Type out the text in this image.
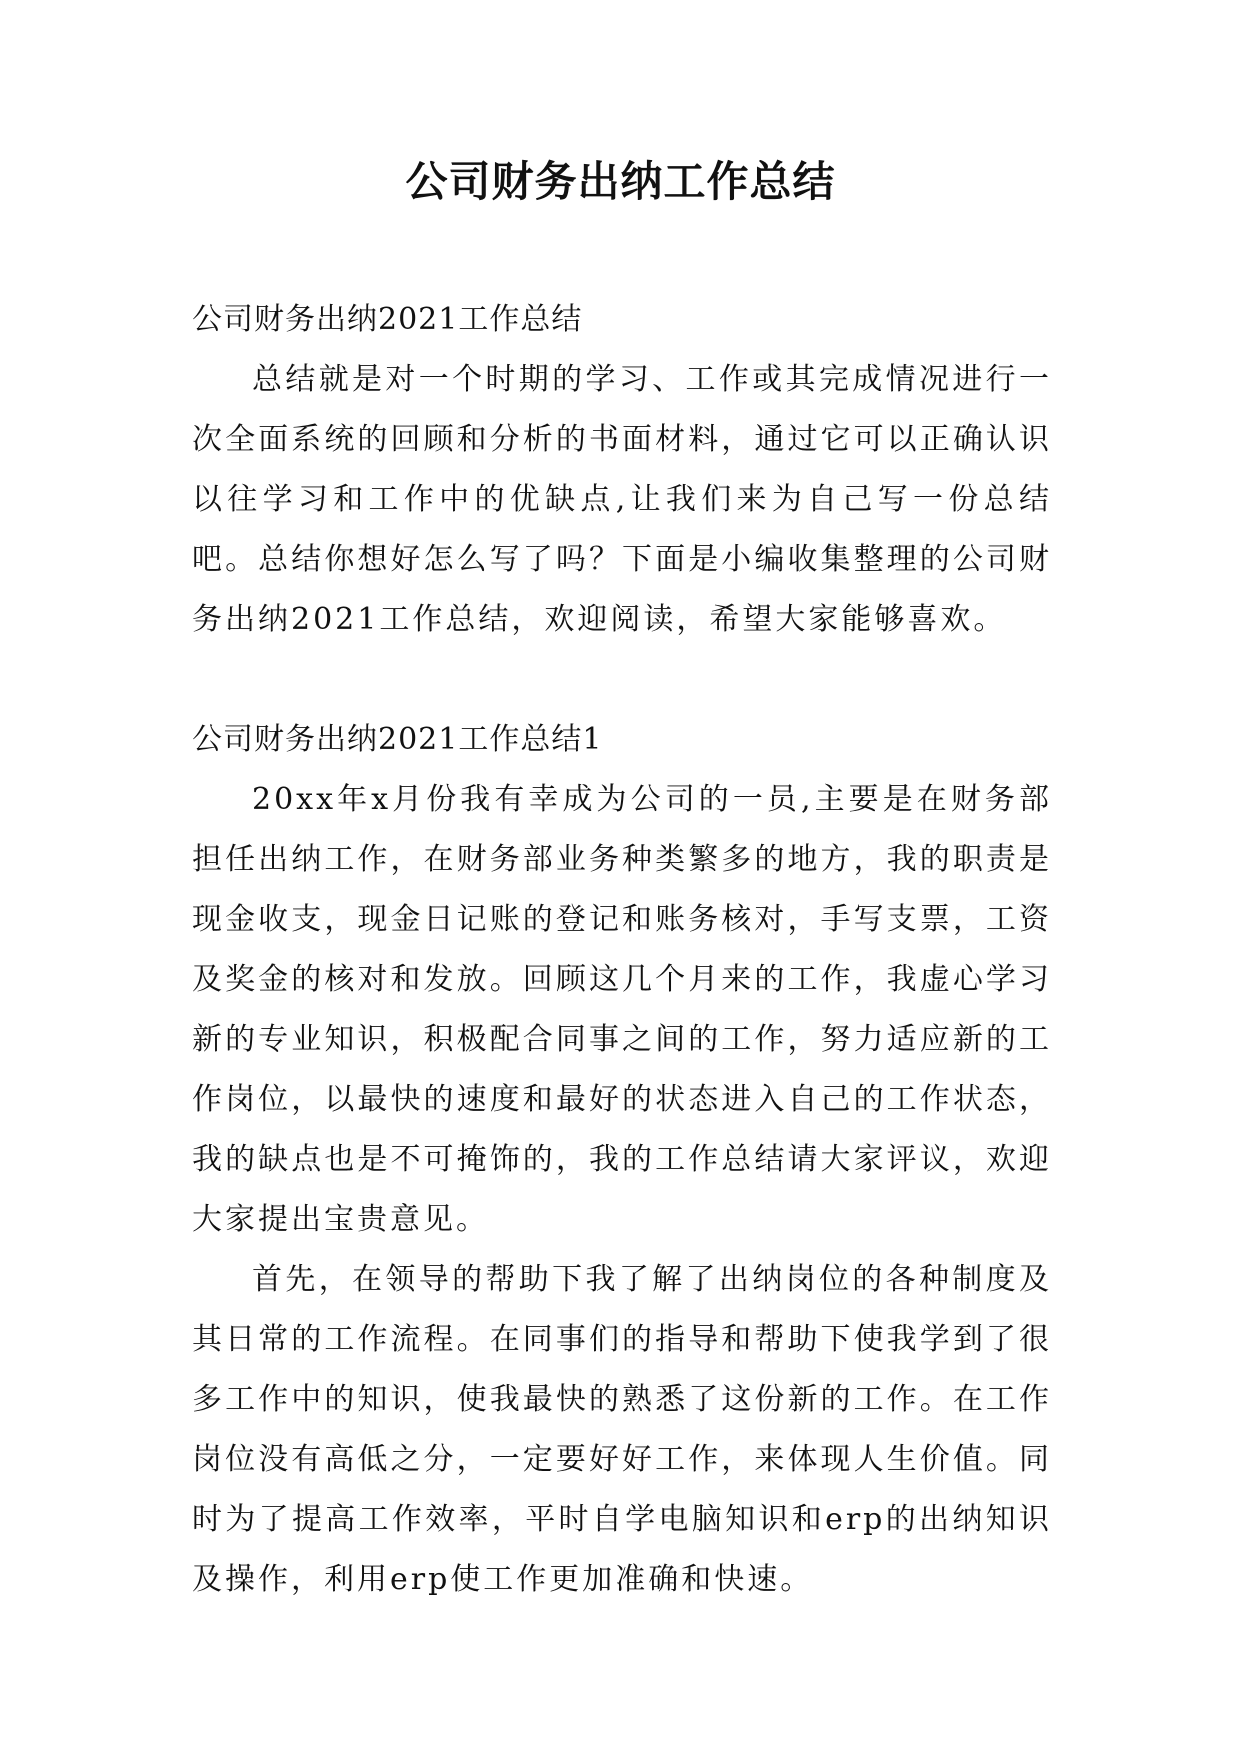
公司财务出纳工作总结
公司财务出纳2021工作总结

总结就是对一个时期的学习、工作或其完成情况进行一次全面系统的回顾和分析的书面材料，通过它可以正确认识以往学习和工作中的优缺点,让我们来为自己写一份总结吧。总结你想好怎么写了吗？下面是小编收集整理的公司财务出纳2021工作总结，欢迎阅读，希望大家能够喜欢。

公司财务出纳2021工作总结1

20xx年x月份我有幸成为公司的一员,主要是在财务部担任出纳工作，在财务部业务种类繁多的地方，我的职责是现金收支，现金日记账的登记和账务核对，手写支票，工资及奖金的核对和发放。回顾这几个月来的工作，我虚心学习新的专业知识，积极配合同事之间的工作，努力适应新的工作岗位，以最快的速度和最好的状态进入自己的工作状态，我的缺点也是不可掩饰的，我的工作总结请大家评议，欢迎大家提出宝贵意见。

首先，在领导的帮助下我了解了出纳岗位的各种制度及其日常的工作流程。在同事们的指导和帮助下使我学到了很多工作中的知识，使我最快的熟悉了这份新的工作。在工作岗位没有高低之分，一定要好好工作，来体现人生价值。同时为了提高工作效率，平时自学电脑知识和erp的出纳知识及操作，利用erp使工作更加准确和快速。
